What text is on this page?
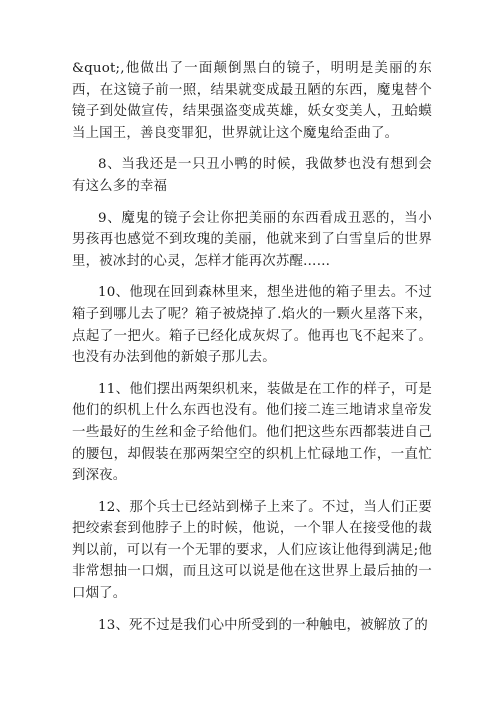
&quot;,他做出了一面颠倒黑白的镜子，明明是美丽的东西，在这镜子前一照，结果就变成最丑陋的东西，魔鬼替个镜子到处做宣传，结果强盗变成英雄，妖女变美人，丑蛤蟆当上国王，善良变罪犯，世界就让这个魔鬼给歪曲了。

8、当我还是一只丑小鸭的时候，我做梦也没有想到会有这么多的幸福

9、魔鬼的镜子会让你把美丽的东西看成丑恶的，当小男孩再也感觉不到玫瑰的美丽，他就来到了白雪皇后的世界里，被冰封的心灵，怎样才能再次苏醒……

10、他现在回到森林里来，想坐进他的箱子里去。不过箱子到哪儿去了呢？箱子被烧掉了.焰火的一颗火星落下来，点起了一把火。箱子已经化成灰烬了。他再也飞不起来了。也没有办法到他的新娘子那儿去。

11、他们摆出两架织机来，装做是在工作的样子，可是他们的织机上什么东西也没有。他们接二连三地请求皇帝发一些最好的生丝和金子给他们。他们把这些东西都装进自己的腰包，却假装在那两架空空的织机上忙碌地工作，一直忙到深夜。

12、那个兵士已经站到梯子上来了。不过，当人们正要把绞索套到他脖子上的时候，他说，一个罪人在接受他的裁判以前，可以有一个无罪的要求，人们应该让他得到满足;他非常想抽一口烟，而且这可以说是他在这世界上最后抽的一口烟了。

13、死不过是我们心中所受到的一种触电，被解放了的
